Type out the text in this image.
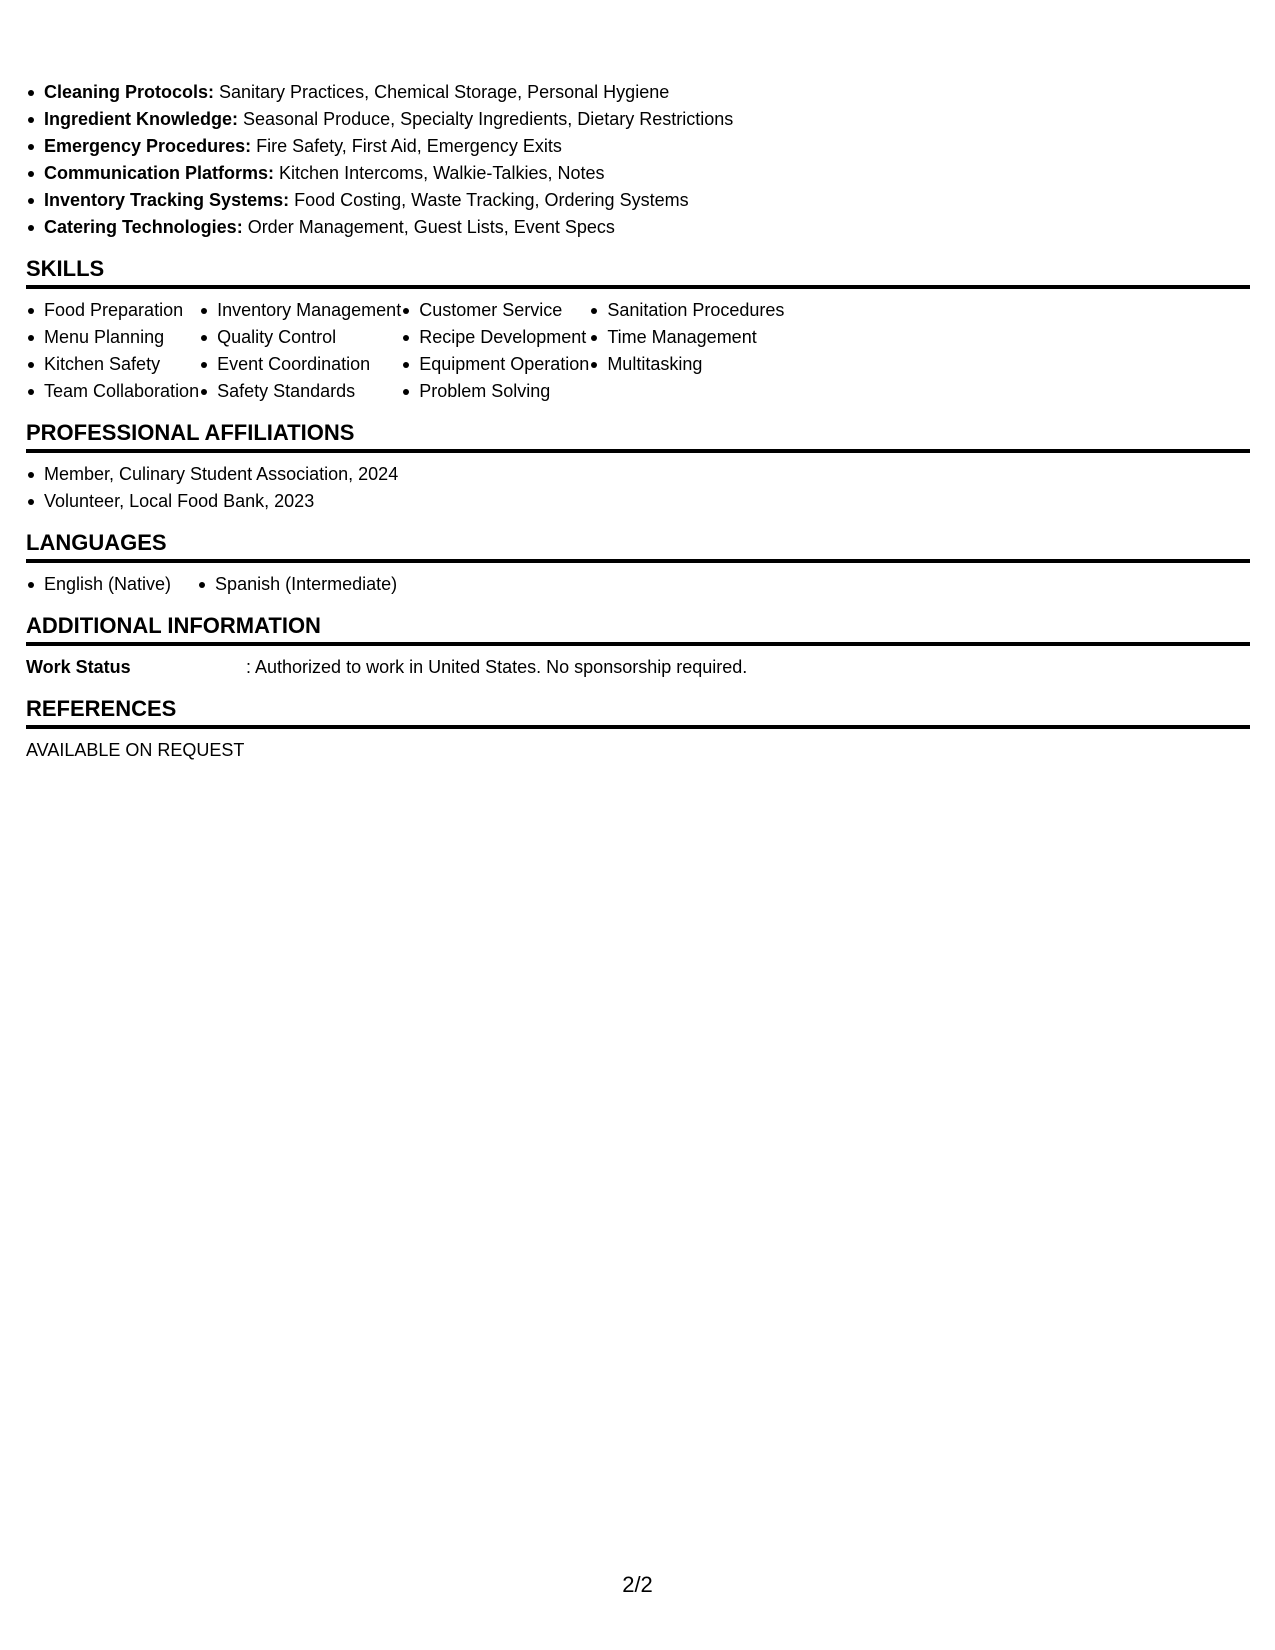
Cleaning Protocols: Sanitary Practices, Chemical Storage, Personal Hygiene
Ingredient Knowledge: Seasonal Produce, Specialty Ingredients, Dietary Restrictions
Emergency Procedures: Fire Safety, First Aid, Emergency Exits
Communication Platforms: Kitchen Intercoms, Walkie-Talkies, Notes
Inventory Tracking Systems: Food Costing, Waste Tracking, Ordering Systems
Catering Technologies: Order Management, Guest Lists, Event Specs
SKILLS
Food Preparation
Menu Planning
Kitchen Safety
Team Collaboration
Inventory Management
Quality Control
Event Coordination
Safety Standards
Customer Service
Recipe Development
Equipment Operation
Problem Solving
Sanitation Procedures
Time Management
Multitasking
PROFESSIONAL AFFILIATIONS
Member, Culinary Student Association, 2024
Volunteer, Local Food Bank, 2023
LANGUAGES
English (Native)	Spanish (Intermediate)
ADDITIONAL INFORMATION
Work Status	: Authorized to work in United States. No sponsorship required.
REFERENCES
AVAILABLE ON REQUEST
2/2
